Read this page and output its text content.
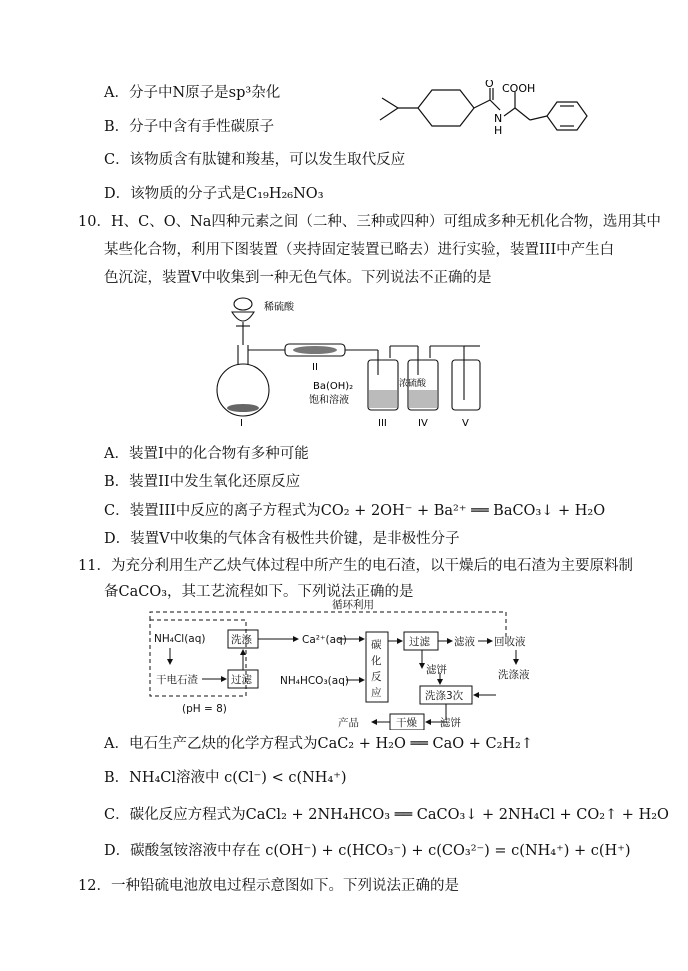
A．分子中N原子是sp³杂化
B．分子中含有手性碳原子
C．该物质含有肽键和羧基，可以发生取代反应
D．该物质的分子式是C₁₉H₂₆NO₃
O COOH
N
H
10．H、C、O、Na四种元素之间（二种、三种或四种）可组成多种无机化合物，选用其中
某些化合物，利用下图装置（夹持固定装置已略去）进行实验，装置III中产生白
色沉淀，装置V中收集到一种无色气体。下列说法不正确的是
稀硫酸
I
II
III	IV	V
Ba(OH)₂
饱和溶液
浓硫酸
A．装置I中的化合物有多种可能
B．装置II中发生氧化还原反应
C．装置III中反应的离子方程式为CO₂ + 2OH⁻ + Ba²⁺ ══ BaCO₃↓ + H₂O
D．装置V中收集的气体含有极性共价键，是非极性分子
11．为充分利用生产乙炔气体过程中所产生的电石渣，以干燥后的电石渣为主要原料制
备CaCO₃，其工艺流程如下。下列说法正确的是
循环利用
NH₄Cl(aq) 洗涤
干电石渣	过滤
(pH = 8)
Ca²⁺(aq)
NH₄HCO₃(aq)
碳
化
反
应
过滤 滤液 回收液
滤饼
洗涤3次
洗涤液
产品	干燥 滤饼
A．电石生产乙炔的化学方程式为CaC₂ + H₂O ══ CaO + C₂H₂↑
B．NH₄Cl溶液中 c(Cl⁻) < c(NH₄⁺)
C．碳化反应方程式为CaCl₂ + 2NH₄HCO₃ ══ CaCO₃↓ + 2NH₄Cl + CO₂↑ + H₂O
D．碳酸氢铵溶液中存在 c(OH⁻) + c(HCO₃⁻) + c(CO₃²⁻) = c(NH₄⁺) + c(H⁺)
12．一种铅硫电池放电过程示意图如下。下列说法正确的是
